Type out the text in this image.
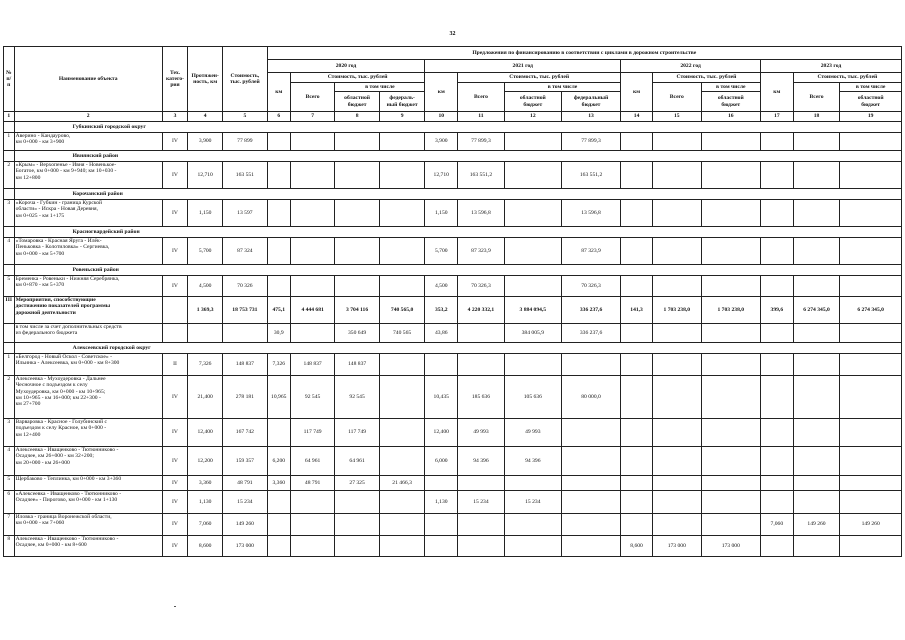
32
№
п/п	Наименование объекта	Тех.
катего-
рия	Протяжен-
ность, км	Стоимость,
тыс. рублей	Предложения по финансированию в соответствии с циклами в дорожном строительстве													
					2020 год				2021 год				2022 год			2023 год		
					км	Стоимость, тыс. рублей			км	Стоимость, тыс. рублей			км	Стоимость, тыс. рублей		км	Стоимость, тыс. рублей	
						Всего	в том числе			Всего	в том числе			Всего	в том числе		Всего	в том числе
							областной
бюджет	федераль-
ный бюджет			областной
бюджет	федеральный
бюджет			областной
бюджет			областной
бюджет
1	2	3	4	5	6	7	8	9	10	11	12	13	14	15	16	17	18	19
	Губкинский городской округ																	
1	Аверино - Кандаурово,
км 0+000 - км 3+900	IV	3,900	77 899					3,900	77 899,3		77 899,3						
	Ивнянский район																	
2	«Крым» - Верхопенье - Ивня - Новенькое-
Богатое, км 0+000 - км 9+940; км 10+030 -
км 12+800	IV	12,710	163 551					12,710	163 551,2		163 551,2						
	Корочанский район																	
3	«Короча - Губкин - граница Курской
области» - Искра - Новая Деревня,
км 0+025 - км 1+175	IV	1,150	13 597					1,150	13 596,8		13 596,8						
	Красногвардейский район																	
4	«Томаровка - Красная Яруга - Илёк-
Пеньковка - Колотиловка» - Сергиевка,
км 0+000 - км 5+700	IV	5,700	87 324					5,700	87 323,9		87 323,9						
	Ровеньский район																	
5	Бременка - Ровеньки - Нижняя Серебрянка,
км 0+870 - км 5+370	IV	4,500	70 326					4,500	70 326,3		70 326,3						
III	Мероприятия, способствующие
достижению показателей программы
дорожной деятельности		1 369,3	18 753 731	475,1	4 444 681	3 704 116	740 565,0	353,2	4 220 332,1	3 884 094,5	336 237,6	141,3	1 703 238,0	1 703 238,0	399,6	6 274 345,0	6 274 345,0
	в том числе за счет дополнительных средств
из федерального бюджета				30,9		350 649	740 565	43,86		384 005,9	336 237,6						
	Алексеевский городской округ																	
1	«Белгород - Новый Оскол - Советское» -
Ильинка - Алексеевка, км 0+000 - км 8+300	II	7,326	148 837	7,326	148 837	148 837											
2	Алексеевка - Мухоудеровка - Дальнее
Чесночное с подъездом к селу
Мухоудеровка, км 0+000 - км 10+965;
км 10+965 - км 16+000; км 22+300 -
км 27+700	IV	21,400	278 181	10,965	92 545	92 545		10,435	185 636	105 636	80 000,0						
3	Варваровка - Красное - Голубинский с
подъездом к селу Красное, км 0+000 -
км 12+400	IV	12,400	167 742		117 749	117 749		12,400	49 993	49 993							
4	Алексеевка - Иващенково - Тютюнниково -
Осадчее, км 26+000 - км 32+200;
км 20+000 - км 26+000	IV	12,200	159 357	6,200	64 961	64 961		6,000	94 396	94 396							
5	Щербаково - Теплинка, км 0+000 - км 3+360	IV	3,360	48 791	3,360	48 791	27 325	21 466,3										
6	«Алексеевка - Иващенково - Тютюнниково -
Осадчее» - Пирогово, км 0+000 - км 1+130	IV	1,130	15 234					1,130	15 234	15 234							
7	Иловка - граница Воронежской области,
км 0+000 - км 7+060	IV	7,060	149 260												7,060	149 260	149 260
8	Алексеевка - Иващенково - Тютюнниково -
Осадчее, км 0+000 - км 8+600	IV	8,600	173 000									8,600	173 000	173 000			
